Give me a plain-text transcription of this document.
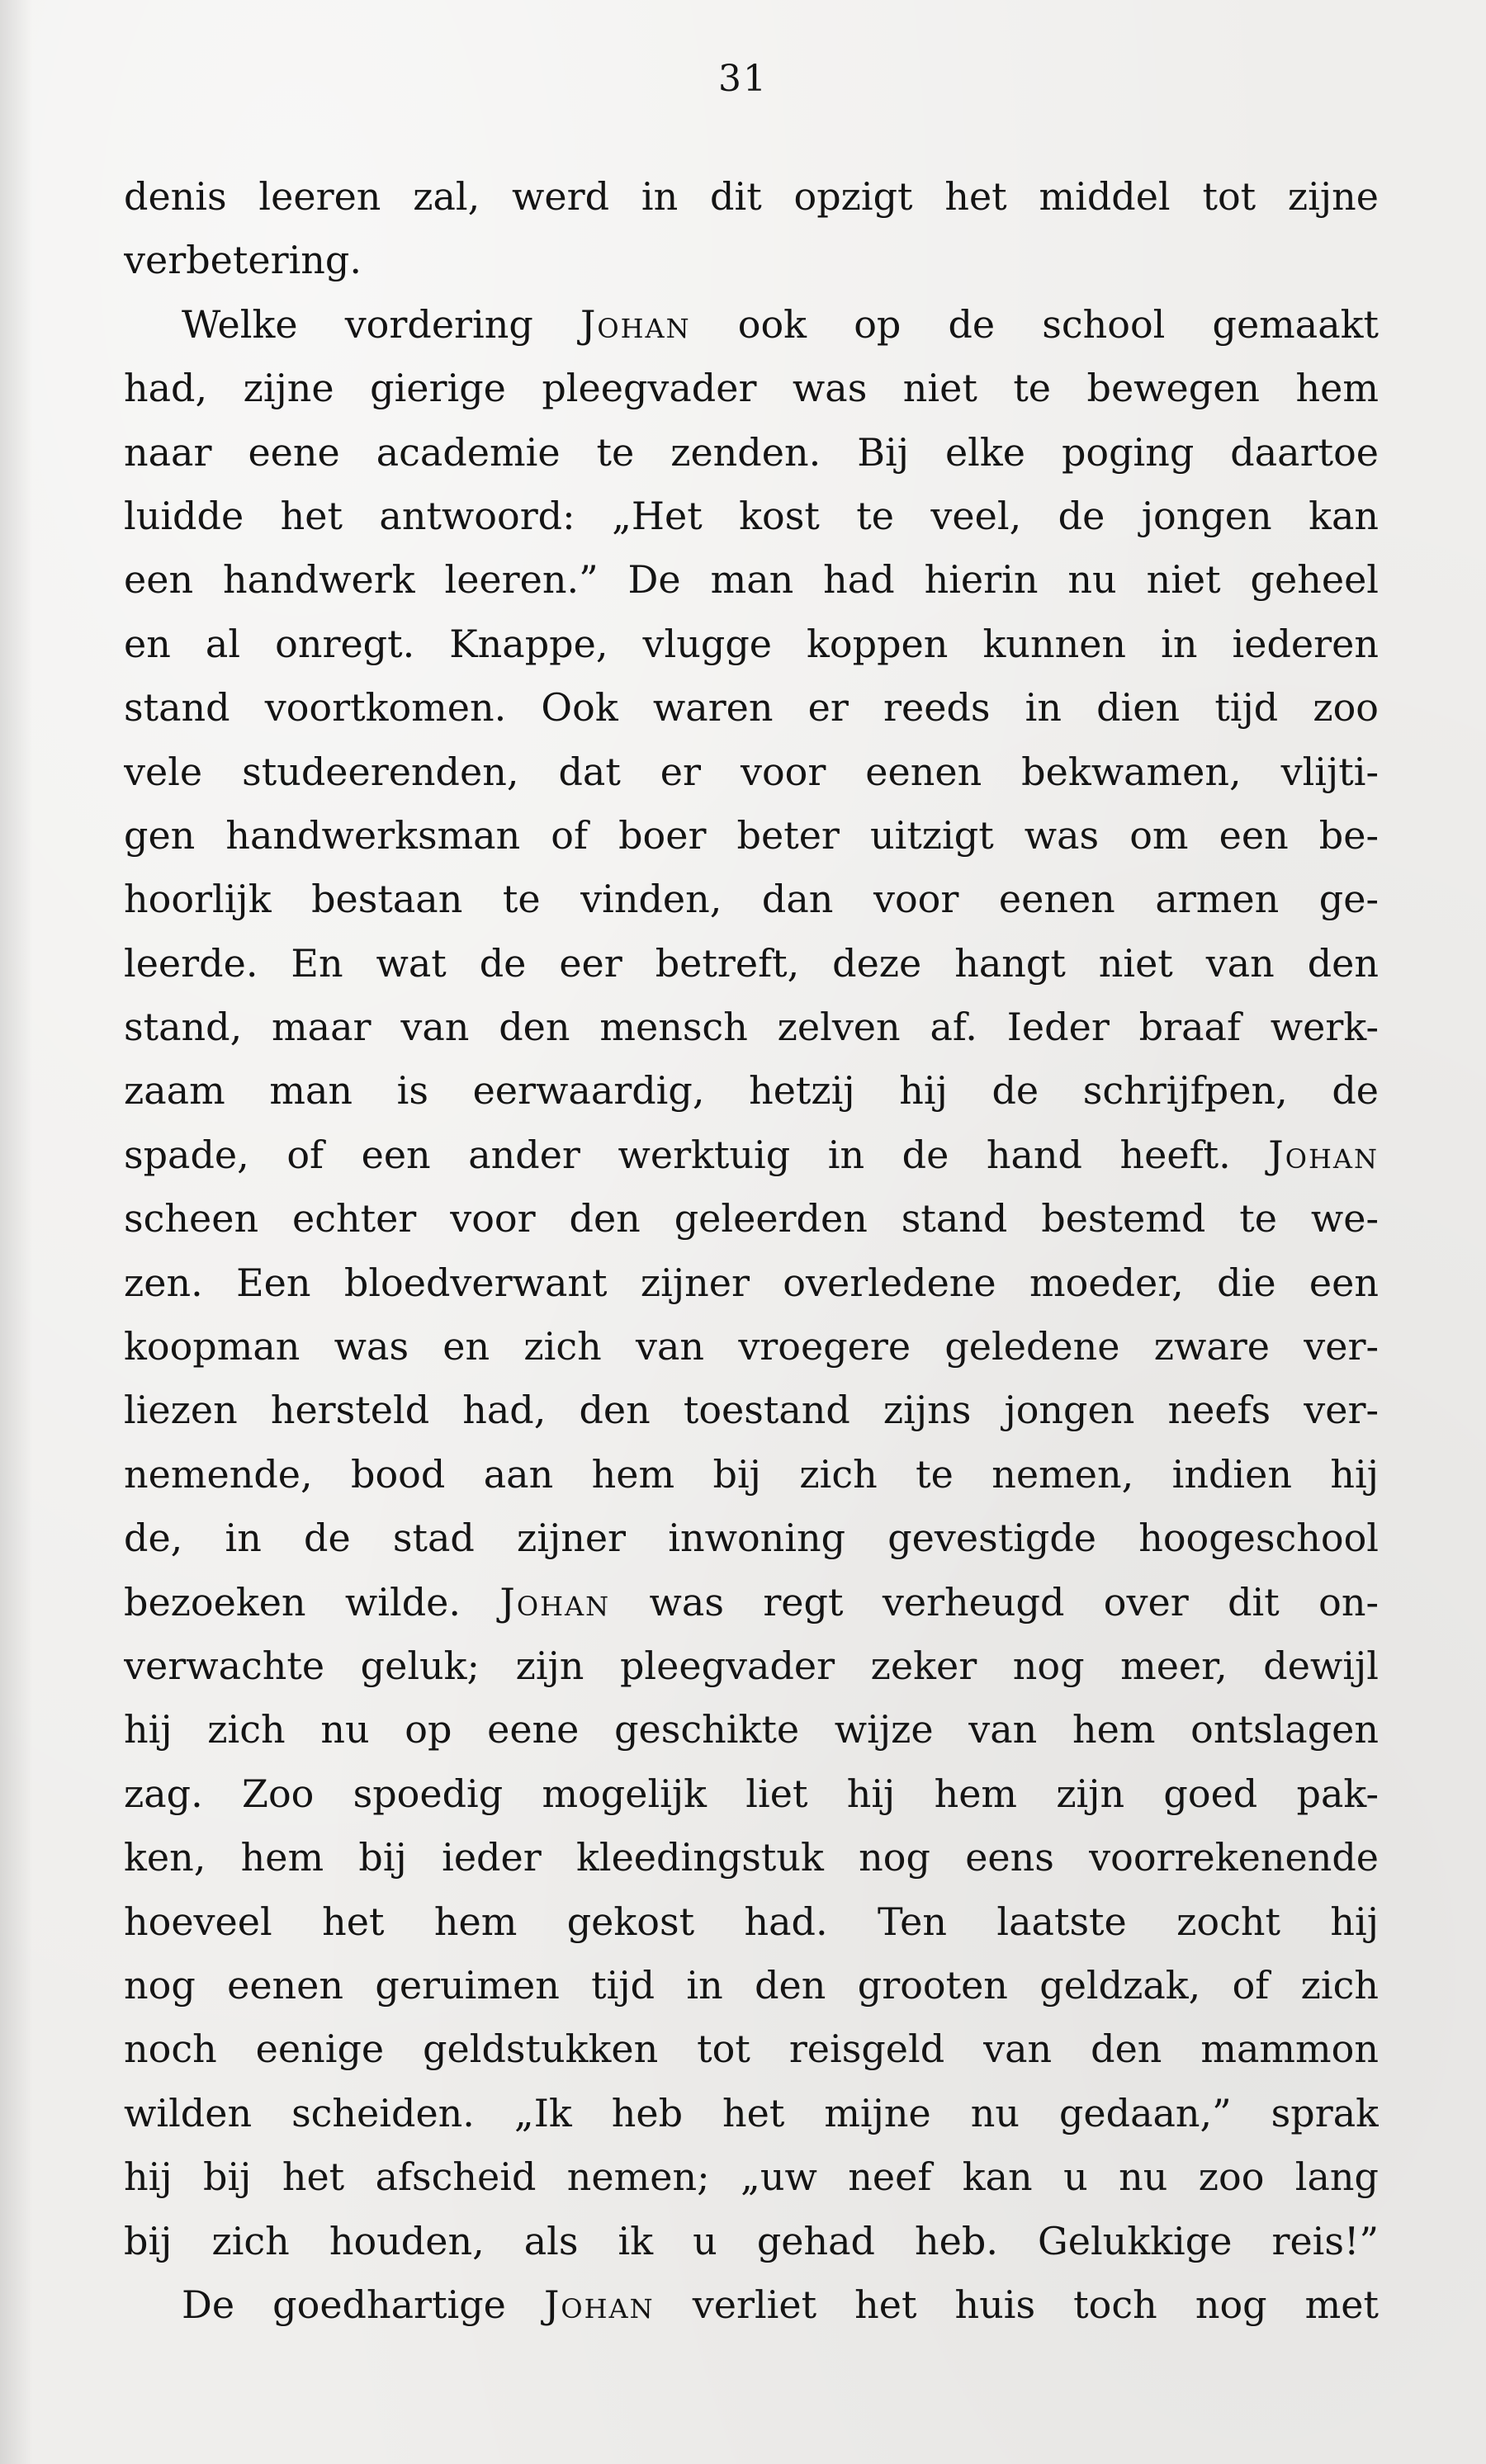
31
denis leeren zal, werd in dit opzigt het middel tot zijne
verbetering.
Welke vordering Johan ook op de school gemaakt
had, zijne gierige pleegvader was niet te bewegen hem
naar eene academie te zenden. Bij elke poging daartoe
luidde het antwoord: „Het kost te veel, de jongen kan
een handwerk leeren.” De man had hierin nu niet geheel
en al onregt. Knappe, vlugge koppen kunnen in iederen
stand voortkomen. Ook waren er reeds in dien tijd zoo
vele studeerenden, dat er voor eenen bekwamen, vlijti-
gen handwerksman of boer beter uitzigt was om een be-
hoorlijk bestaan te vinden, dan voor eenen armen ge-
leerde. En wat de eer betreft, deze hangt niet van den
stand, maar van den mensch zelven af. Ieder braaf werk-
zaam man is eerwaardig, hetzij hij de schrijfpen, de
spade, of een ander werktuig in de hand heeft. Johan
scheen echter voor den geleerden stand bestemd te we-
zen. Een bloedverwant zijner overledene moeder, die een
koopman was en zich van vroegere geledene zware ver-
liezen hersteld had, den toestand zijns jongen neefs ver-
nemende, bood aan hem bij zich te nemen, indien hij
de, in de stad zijner inwoning gevestigde hoogeschool
bezoeken wilde. Johan was regt verheugd over dit on-
verwachte geluk; zijn pleegvader zeker nog meer, dewijl
hij zich nu op eene geschikte wijze van hem ontslagen
zag. Zoo spoedig mogelijk liet hij hem zijn goed pak-
ken, hem bij ieder kleedingstuk nog eens voorrekenende
hoeveel het hem gekost had. Ten laatste zocht hij
nog eenen geruimen tijd in den grooten geldzak, of zich
noch eenige geldstukken tot reisgeld van den mammon
wilden scheiden. „Ik heb het mijne nu gedaan,” sprak
hij bij het afscheid nemen; „uw neef kan u nu zoo lang
bij zich houden, als ik u gehad heb. Gelukkige reis!”
De goedhartige Johan verliet het huis toch nog met
